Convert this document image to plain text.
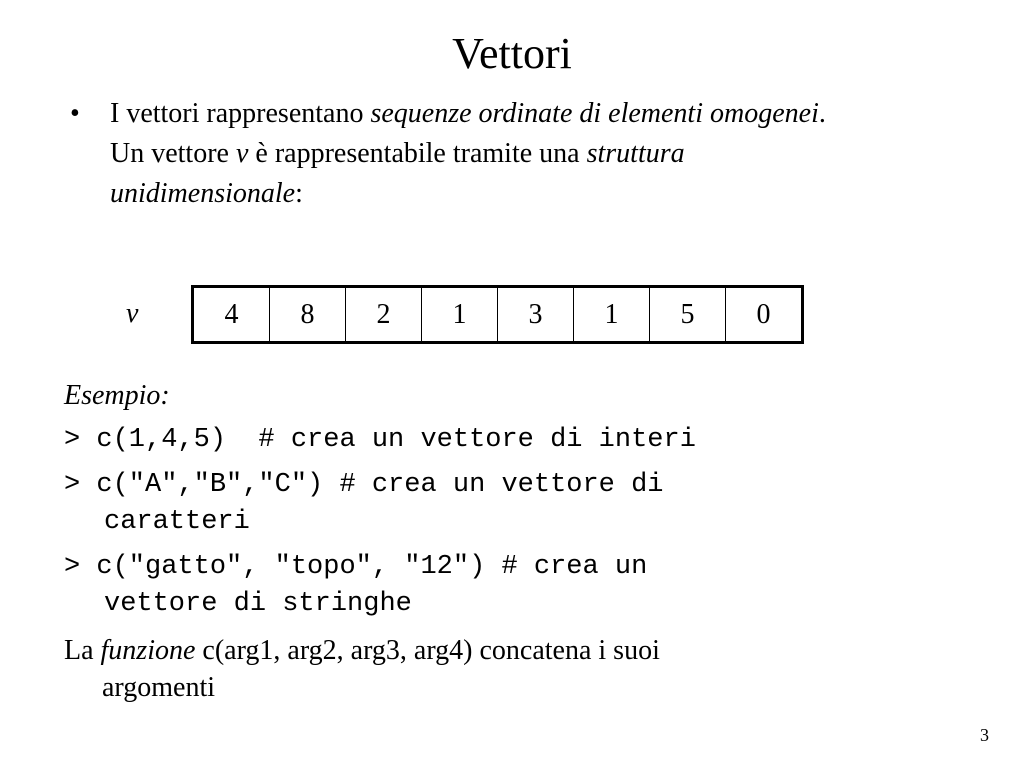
Vettori
• I vettori rappresentano sequenze ordinate di elementi omogenei.
Un vettore v è rappresentabile tramite una struttura unidimensionale:
v	4	8	2	1	3	1	5	0
Esempio:
> c(1,4,5)  # crea un vettore di interi
> c("A","B","C") # crea un vettore di
caratteri
> c("gatto", "topo", "12") # crea un
vettore di stringhe
La funzione c(arg1, arg2, arg3, arg4) concatena i suoi
argomenti
3
